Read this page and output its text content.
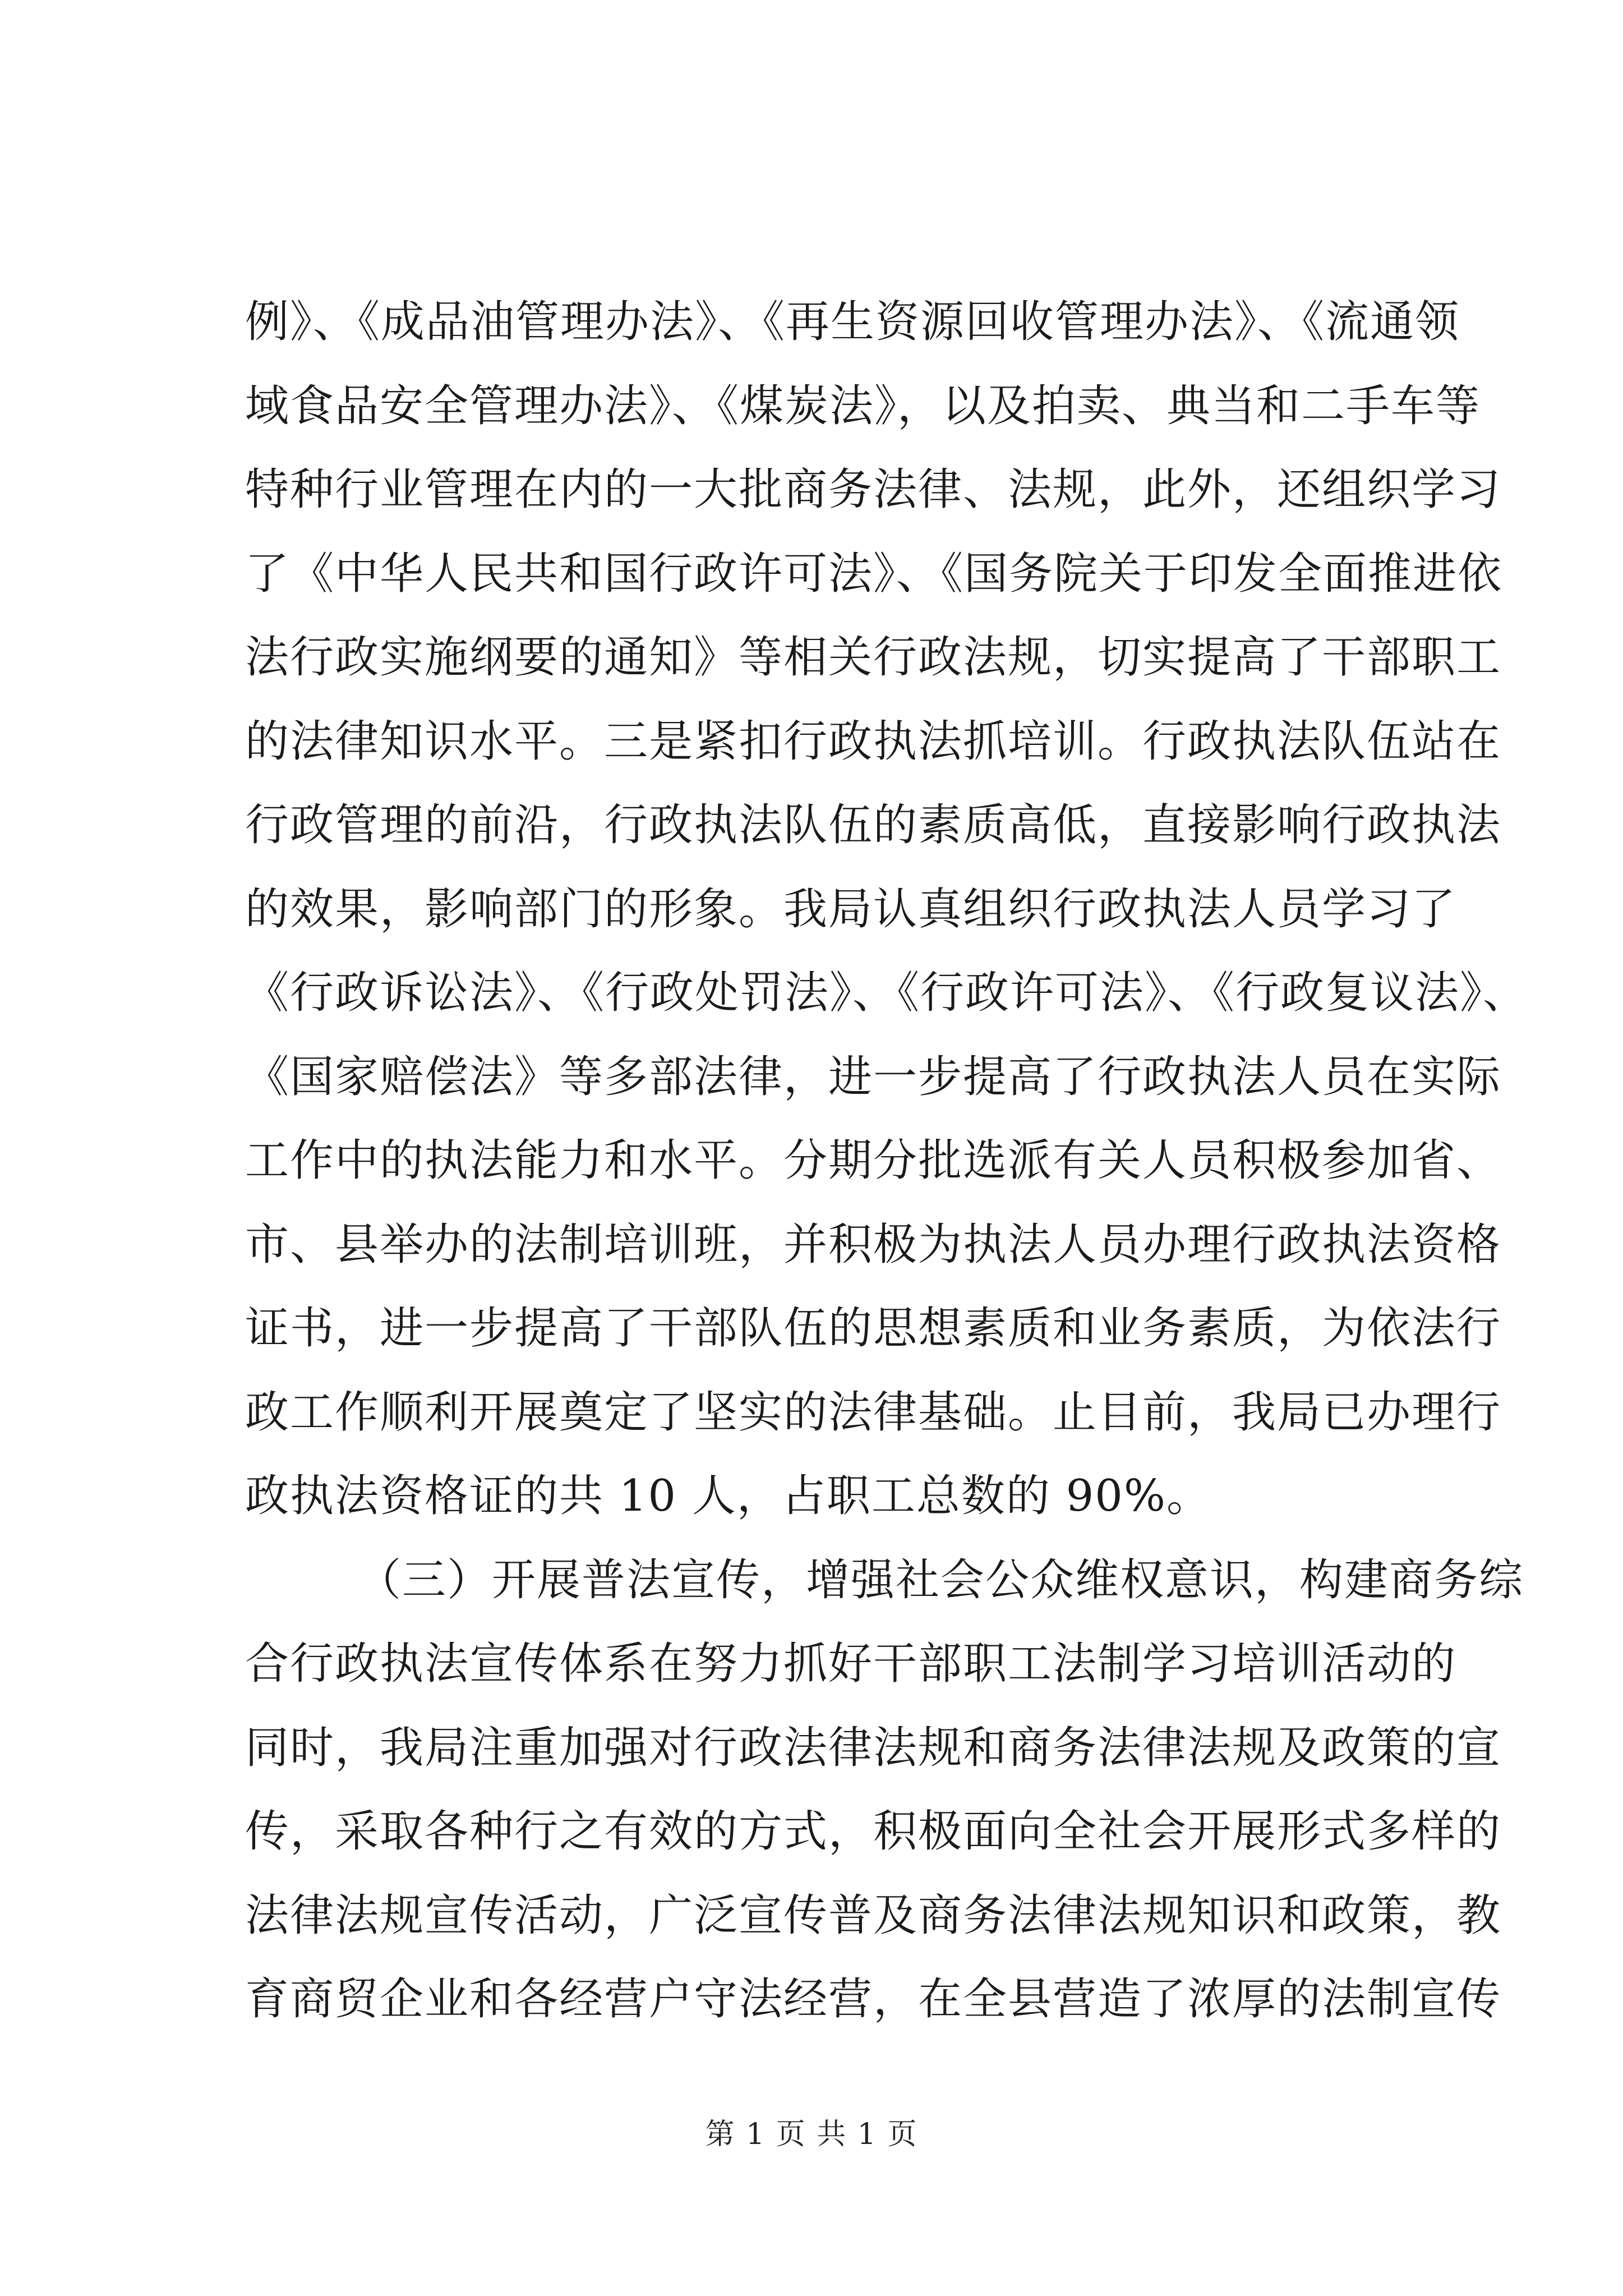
例》、《成品油管理办法》、《再生资源回收管理办法》、《流通领
域食品安全管理办法》、《煤炭法》，以及拍卖、典当和二手车等
特种行业管理在内的一大批商务法律、法规，此外，还组织学习
了《中华人民共和国行政许可法》、《国务院关于印发全面推进依
法行政实施纲要的通知》等相关行政法规，切实提高了干部职工
的法律知识水平。三是紧扣行政执法抓培训。行政执法队伍站在
行政管理的前沿，行政执法队伍的素质高低，直接影响行政执法
的效果，影响部门的形象。我局认真组织行政执法人员学习了
《行政诉讼法》、《行政处罚法》、《行政许可法》、《行政复议法》、
《国家赔偿法》等多部法律，进一步提高了行政执法人员在实际
工作中的执法能力和水平。分期分批选派有关人员积极参加省、
市、县举办的法制培训班，并积极为执法人员办理行政执法资格
证书，进一步提高了干部队伍的思想素质和业务素质，为依法行
政工作顺利开展奠定了坚实的法律基础。止目前，我局已办理行
政执法资格证的共 10 人，占职工总数的 90%。
（三）开展普法宣传，增强社会公众维权意识，构建商务综
合行政执法宣传体系在努力抓好干部职工法制学习培训活动的
同时，我局注重加强对行政法律法规和商务法律法规及政策的宣
传，采取各种行之有效的方式，积极面向全社会开展形式多样的
法律法规宣传活动，广泛宣传普及商务法律法规知识和政策，教
育商贸企业和各经营户守法经营，在全县营造了浓厚的法制宣传
第 1 页 共 1 页
